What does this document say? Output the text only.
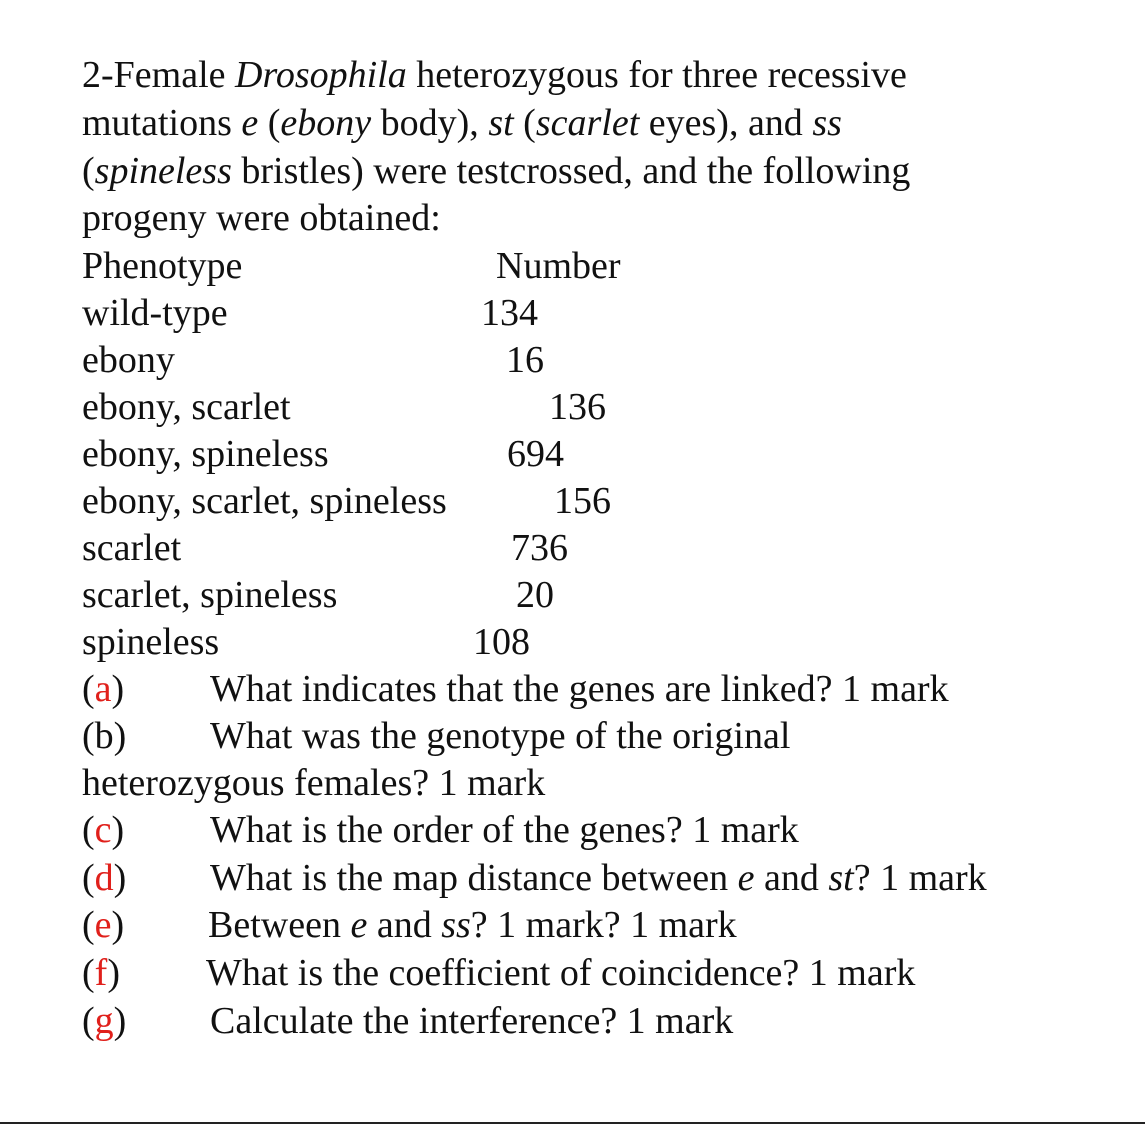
2-Female Drosophila heterozygous for three recessive
mutations e (ebony body), st (scarlet eyes), and ss
(spineless bristles) were testcrossed, and the following
progeny were obtained:
Phenotype	Number
wild-type	134
ebony	16
ebony, scarlet	136
ebony, spineless	694
ebony, scarlet, spineless	156
scarlet	736
scarlet, spineless	20
spineless	108
(a) What indicates that the genes are linked? 1 mark
(b) What was the genotype of the original
heterozygous females? 1 mark
(c) What is the order of the genes? 1 mark
(d) What is the map distance between e and st? 1 mark
(e) Between e and ss? 1 mark? 1 mark
(f) What is the coefficient of coincidence? 1 mark
(g) Calculate the interference? 1 mark
